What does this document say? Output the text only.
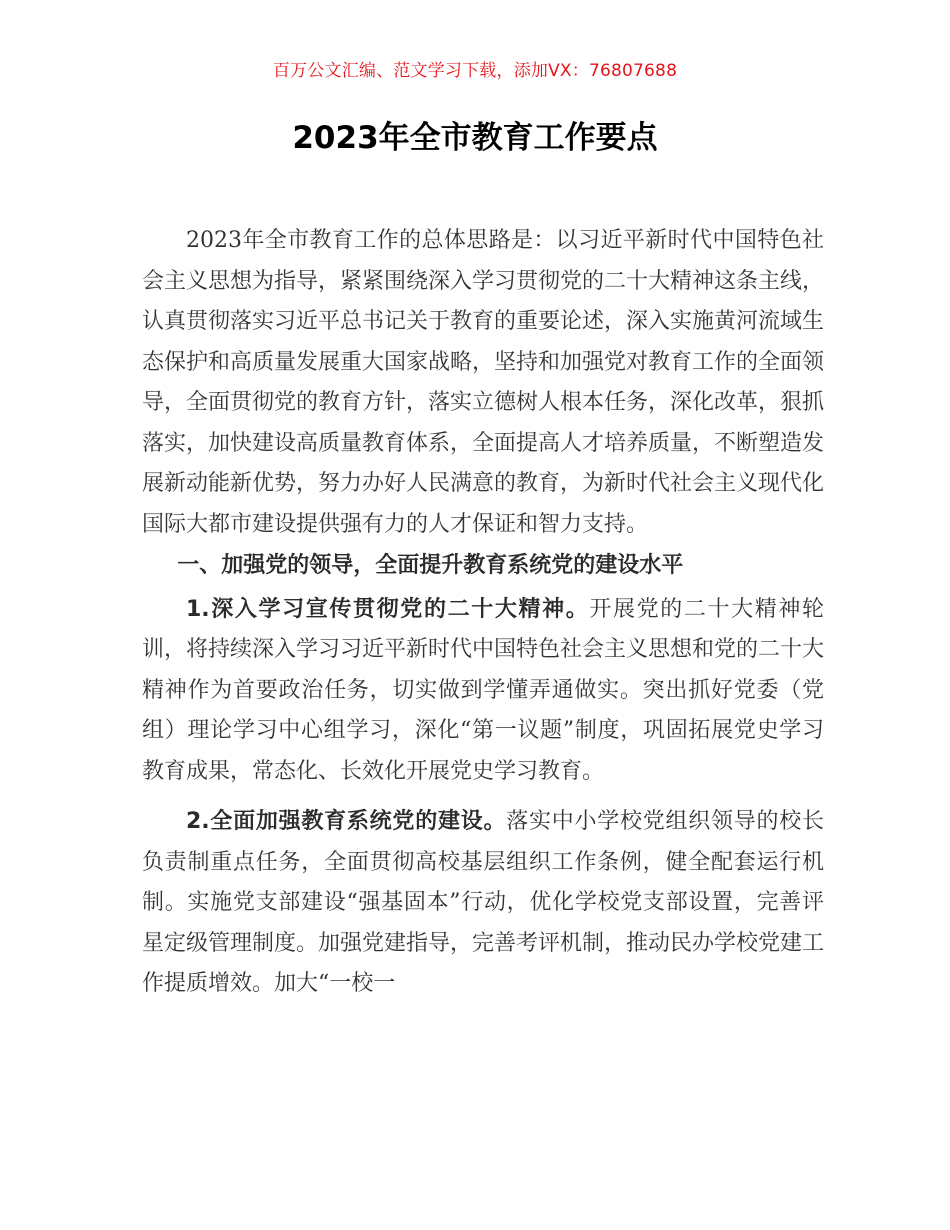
百万公文汇编、范文学习下载，添加VX：76807688
2023年全市教育工作要点

2023年全市教育工作的总体思路是：以习近平新时代中国特色社会主义思想为指导，紧紧围绕深入学习贯彻党的二十大精神这条主线，认真贯彻落实习近平总书记关于教育的重要论述，深入实施黄河流域生态保护和高质量发展重大国家战略，坚持和加强党对教育工作的全面领导，全面贯彻党的教育方针，落实立德树人根本任务，深化改革，狠抓落实，加快建设高质量教育体系，全面提高人才培养质量，不断塑造发展新动能新优势，努力办好人民满意的教育，为新时代社会主义现代化国际大都市建设提供强有力的人才保证和智力支持。

一、加强党的领导，全面提升教育系统党的建设水平

1.深入学习宣传贯彻党的二十大精神。开展党的二十大精神轮训，将持续深入学习习近平新时代中国特色社会主义思想和党的二十大精神作为首要政治任务，切实做到学懂弄通做实。突出抓好党委（党组）理论学习中心组学习，深化“第一议题”制度，巩固拓展党史学习教育成果，常态化、长效化开展党史学习教育。

2.全面加强教育系统党的建设。落实中小学校党组织领导的校长负责制重点任务，全面贯彻高校基层组织工作条例，健全配套运行机制。实施党支部建设“强基固本”行动，优化学校党支部设置，完善评星定级管理制度。加强党建指导，完善考评机制，推动民办学校党建工作提质增效。加大“一校一
